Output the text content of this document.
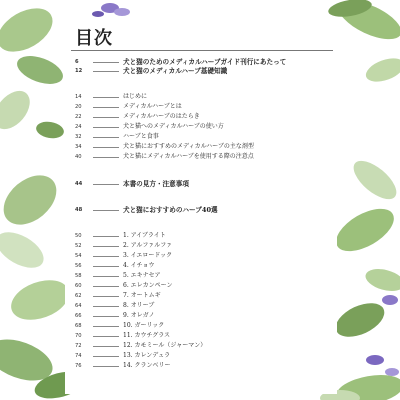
目次
6	犬と猫のためのメディカルハーブガイド刊行にあたって
12	犬と猫のメディカルハーブ基礎知識
14	はじめに
20	メディカルハーブとは
22	メディカルハーブのはたらき
24	犬と猫へのメディカルハーブの使い方
32	ハーブと食事
34	犬と猫におすすめのメディカルハーブの主な剤型
40	犬と猫にメディカルハーブを使用する際の注意点
44	本書の見方・注意事項
48	犬と猫におすすめのハーブ40選
50	1. アイブライト
52	2. アルファルファ
54	3. イエロードック
56	4. イチョウ
58	5. エキナセア
60	6. エレカンペーン
62	7. オートムギ
64	8. オリーブ
66	9. オレガノ
68	10. ガーリック
70	11. カウチグラス
72	12. カモミール（ジャーマン）
74	13. カレンデュラ
76	14. クランベリー
